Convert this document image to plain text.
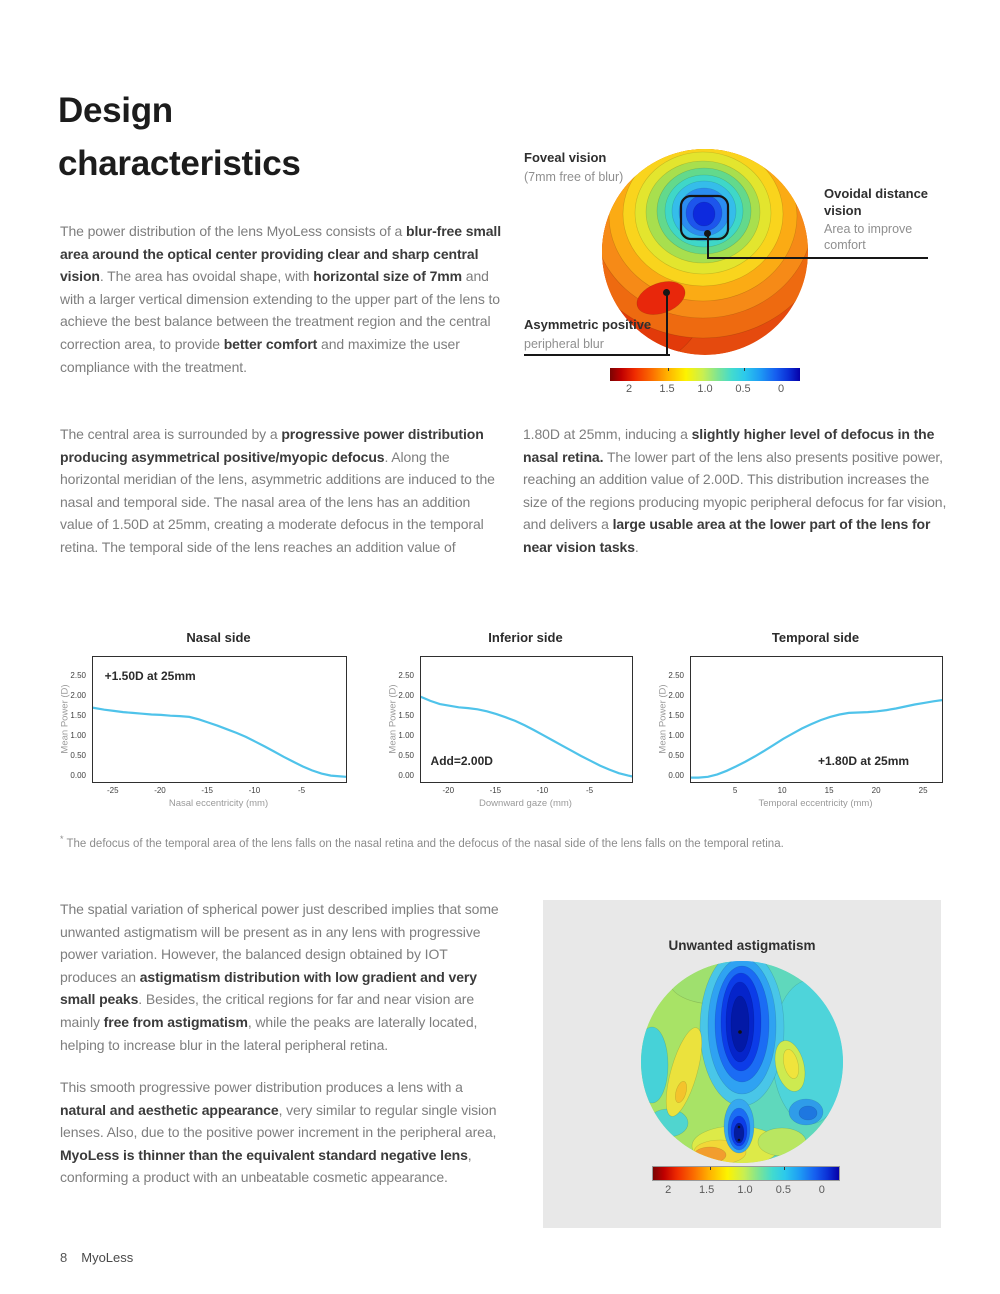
Design
characteristics

The power distribution of the lens MyoLess consists of a blur-free small area around the optical center providing clear and sharp central vision. The area has ovoidal shape, with horizontal size of 7mm and with a larger vertical dimension extending to the upper part of the lens to achieve the best balance between the treatment region and the central correction area, to provide better comfort and maximize the user compliance with the treatment.

Foveal vision
(7mm free of blur)
Ovoidal distance vision
Area to improve comfort
Asymmetric positive
peripheral blur
2	1.5	1.0	0.5	0

The central area is surrounded by a progressive power distribution producing asymmetrical positive/myopic defocus. Along the horizontal meridian of the lens, asymmetric additions are induced to the nasal and temporal side. The nasal area of the lens has an addition value of 1.50D at 25mm, creating a moderate defocus in the temporal retina. The temporal side of the lens reaches an addition value of

1.80D at 25mm, inducing a slightly higher level of defocus in the nasal retina. The lower part of the lens also presents positive power, reaching an addition value of 2.00D. This distribution increases the size of the regions producing myopic peripheral defocus for far vision, and delivers a large usable area at the lower part of the lens for near vision tasks.

Nasal side
Mean Power (D)
Nasal eccentricity (mm)
0.00
0.50
1.00
1.50
2.00
2.50
-25	-20	-15	-10	-5
+1.50D at 25mm
Inferior side
Mean Power (D)
Downward gaze (mm)
0.00
0.50
1.00
1.50
2.00
2.50
-20	-15	-10	-5
Add=2.00D
Temporal side
Mean Power (D)
Temporal eccentricity (mm)
0.00
0.50
1.00
1.50
2.00
2.50
5	10	15	20	25
+1.80D at 25mm

* The defocus of the temporal area of the lens falls on the nasal retina and the defocus of the nasal side of the lens falls on the temporal retina.

The spatial variation of spherical power just described implies that some unwanted astigmatism will be present as in any lens with progressive power variation. However, the balanced design obtained by IOT produces an astigmatism distribution with low gradient and very small peaks. Besides, the critical regions for far and near vision are mainly free from astigmatism, while the peaks are laterally located, helping to increase blur in the lateral peripheral retina.

This smooth progressive power distribution produces a lens with a natural and aesthetic appearance, very similar to regular single vision lenses. Also, due to the positive power increment in the peripheral area, MyoLess is thinner than the equivalent standard negative lens, conforming a product with an unbeatable cosmetic appearance.

Unwanted astigmatism
2	1.5	1.0	0.5	0
8 MyoLess
